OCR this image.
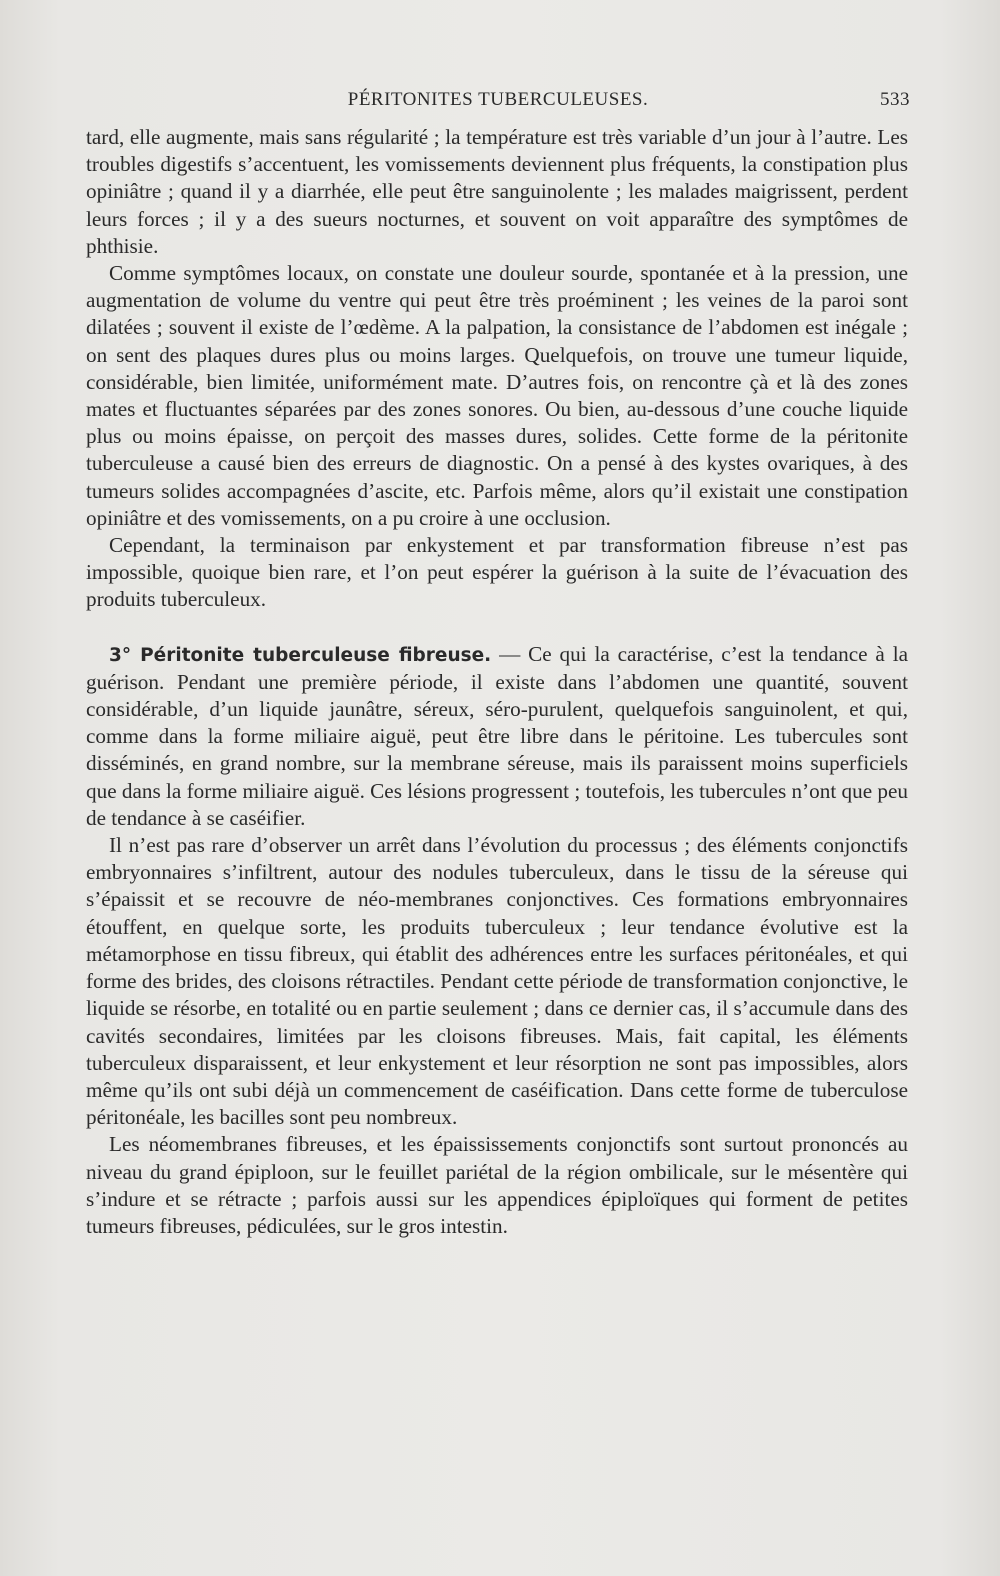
PÉRITONITES TUBERCULEUSES.	533

tard, elle augmente, mais sans régularité ; la température est très variable d’un jour à l’autre. Les troubles digestifs s’accentuent, les vomissements deviennent plus fréquents, la constipation plus opiniâtre ; quand il y a diarrhée, elle peut être sanguinolente ; les malades maigrissent, perdent leurs forces ; il y a des sueurs nocturnes, et souvent on voit apparaître des symptômes de phthisie.

Comme symptômes locaux, on constate une douleur sourde, spontanée et à la pression, une augmentation de volume du ventre qui peut être très proéminent ; les veines de la paroi sont dilatées ; souvent il existe de l’œdème. A la palpation, la consistance de l’abdomen est inégale ; on sent des plaques dures plus ou moins larges. Quelquefois, on trouve une tumeur liquide, considérable, bien limitée, uniformément mate. D’autres fois, on rencontre çà et là des zones mates et fluctuantes séparées par des zones sonores. Ou bien, au-dessous d’une couche liquide plus ou moins épaisse, on perçoit des masses dures, solides. Cette forme de la péritonite tuberculeuse a causé bien des erreurs de diagnostic. On a pensé à des kystes ovariques, à des tumeurs solides accompagnées d’ascite, etc. Parfois même, alors qu’il existait une constipation opiniâtre et des vomissements, on a pu croire à une occlusion.

Cependant, la terminaison par enkystement et par transformation fibreuse n’est pas impossible, quoique bien rare, et l’on peut espérer la guérison à la suite de l’évacuation des produits tuberculeux.

3° Péritonite tuberculeuse fibreuse. — Ce qui la caractérise, c’est la tendance à la guérison. Pendant une première période, il existe dans l’abdomen une quantité, souvent considérable, d’un liquide jaunâtre, séreux, séro-purulent, quelquefois sanguinolent, et qui, comme dans la forme miliaire aiguë, peut être libre dans le péritoine. Les tubercules sont disséminés, en grand nombre, sur la membrane séreuse, mais ils paraissent moins superficiels que dans la forme miliaire aiguë. Ces lésions progressent ; toutefois, les tubercules n’ont que peu de tendance à se caséifier.

Il n’est pas rare d’observer un arrêt dans l’évolution du processus ; des éléments conjonctifs embryonnaires s’infiltrent, autour des nodules tuberculeux, dans le tissu de la séreuse qui s’épaissit et se recouvre de néo-membranes conjonctives. Ces formations embryonnaires étouffent, en quelque sorte, les produits tuberculeux ; leur tendance évolutive est la métamorphose en tissu fibreux, qui établit des adhérences entre les surfaces péritonéales, et qui forme des brides, des cloisons rétractiles. Pendant cette période de transformation conjonctive, le liquide se résorbe, en totalité ou en partie seulement ; dans ce dernier cas, il s’accumule dans des cavités secondaires, limitées par les cloisons fibreuses. Mais, fait capital, les éléments tuberculeux disparaissent, et leur enkystement et leur résorption ne sont pas impossibles, alors même qu’ils ont subi déjà un commencement de caséification. Dans cette forme de tuberculose péritonéale, les bacilles sont peu nombreux.

Les néomembranes fibreuses, et les épaississements conjonctifs sont surtout prononcés au niveau du grand épiploon, sur le feuillet pariétal de la région ombilicale, sur le mésentère qui s’indure et se rétracte ; parfois aussi sur les appendices épiploïques qui forment de petites tumeurs fibreuses, pédiculées, sur le gros intestin.
